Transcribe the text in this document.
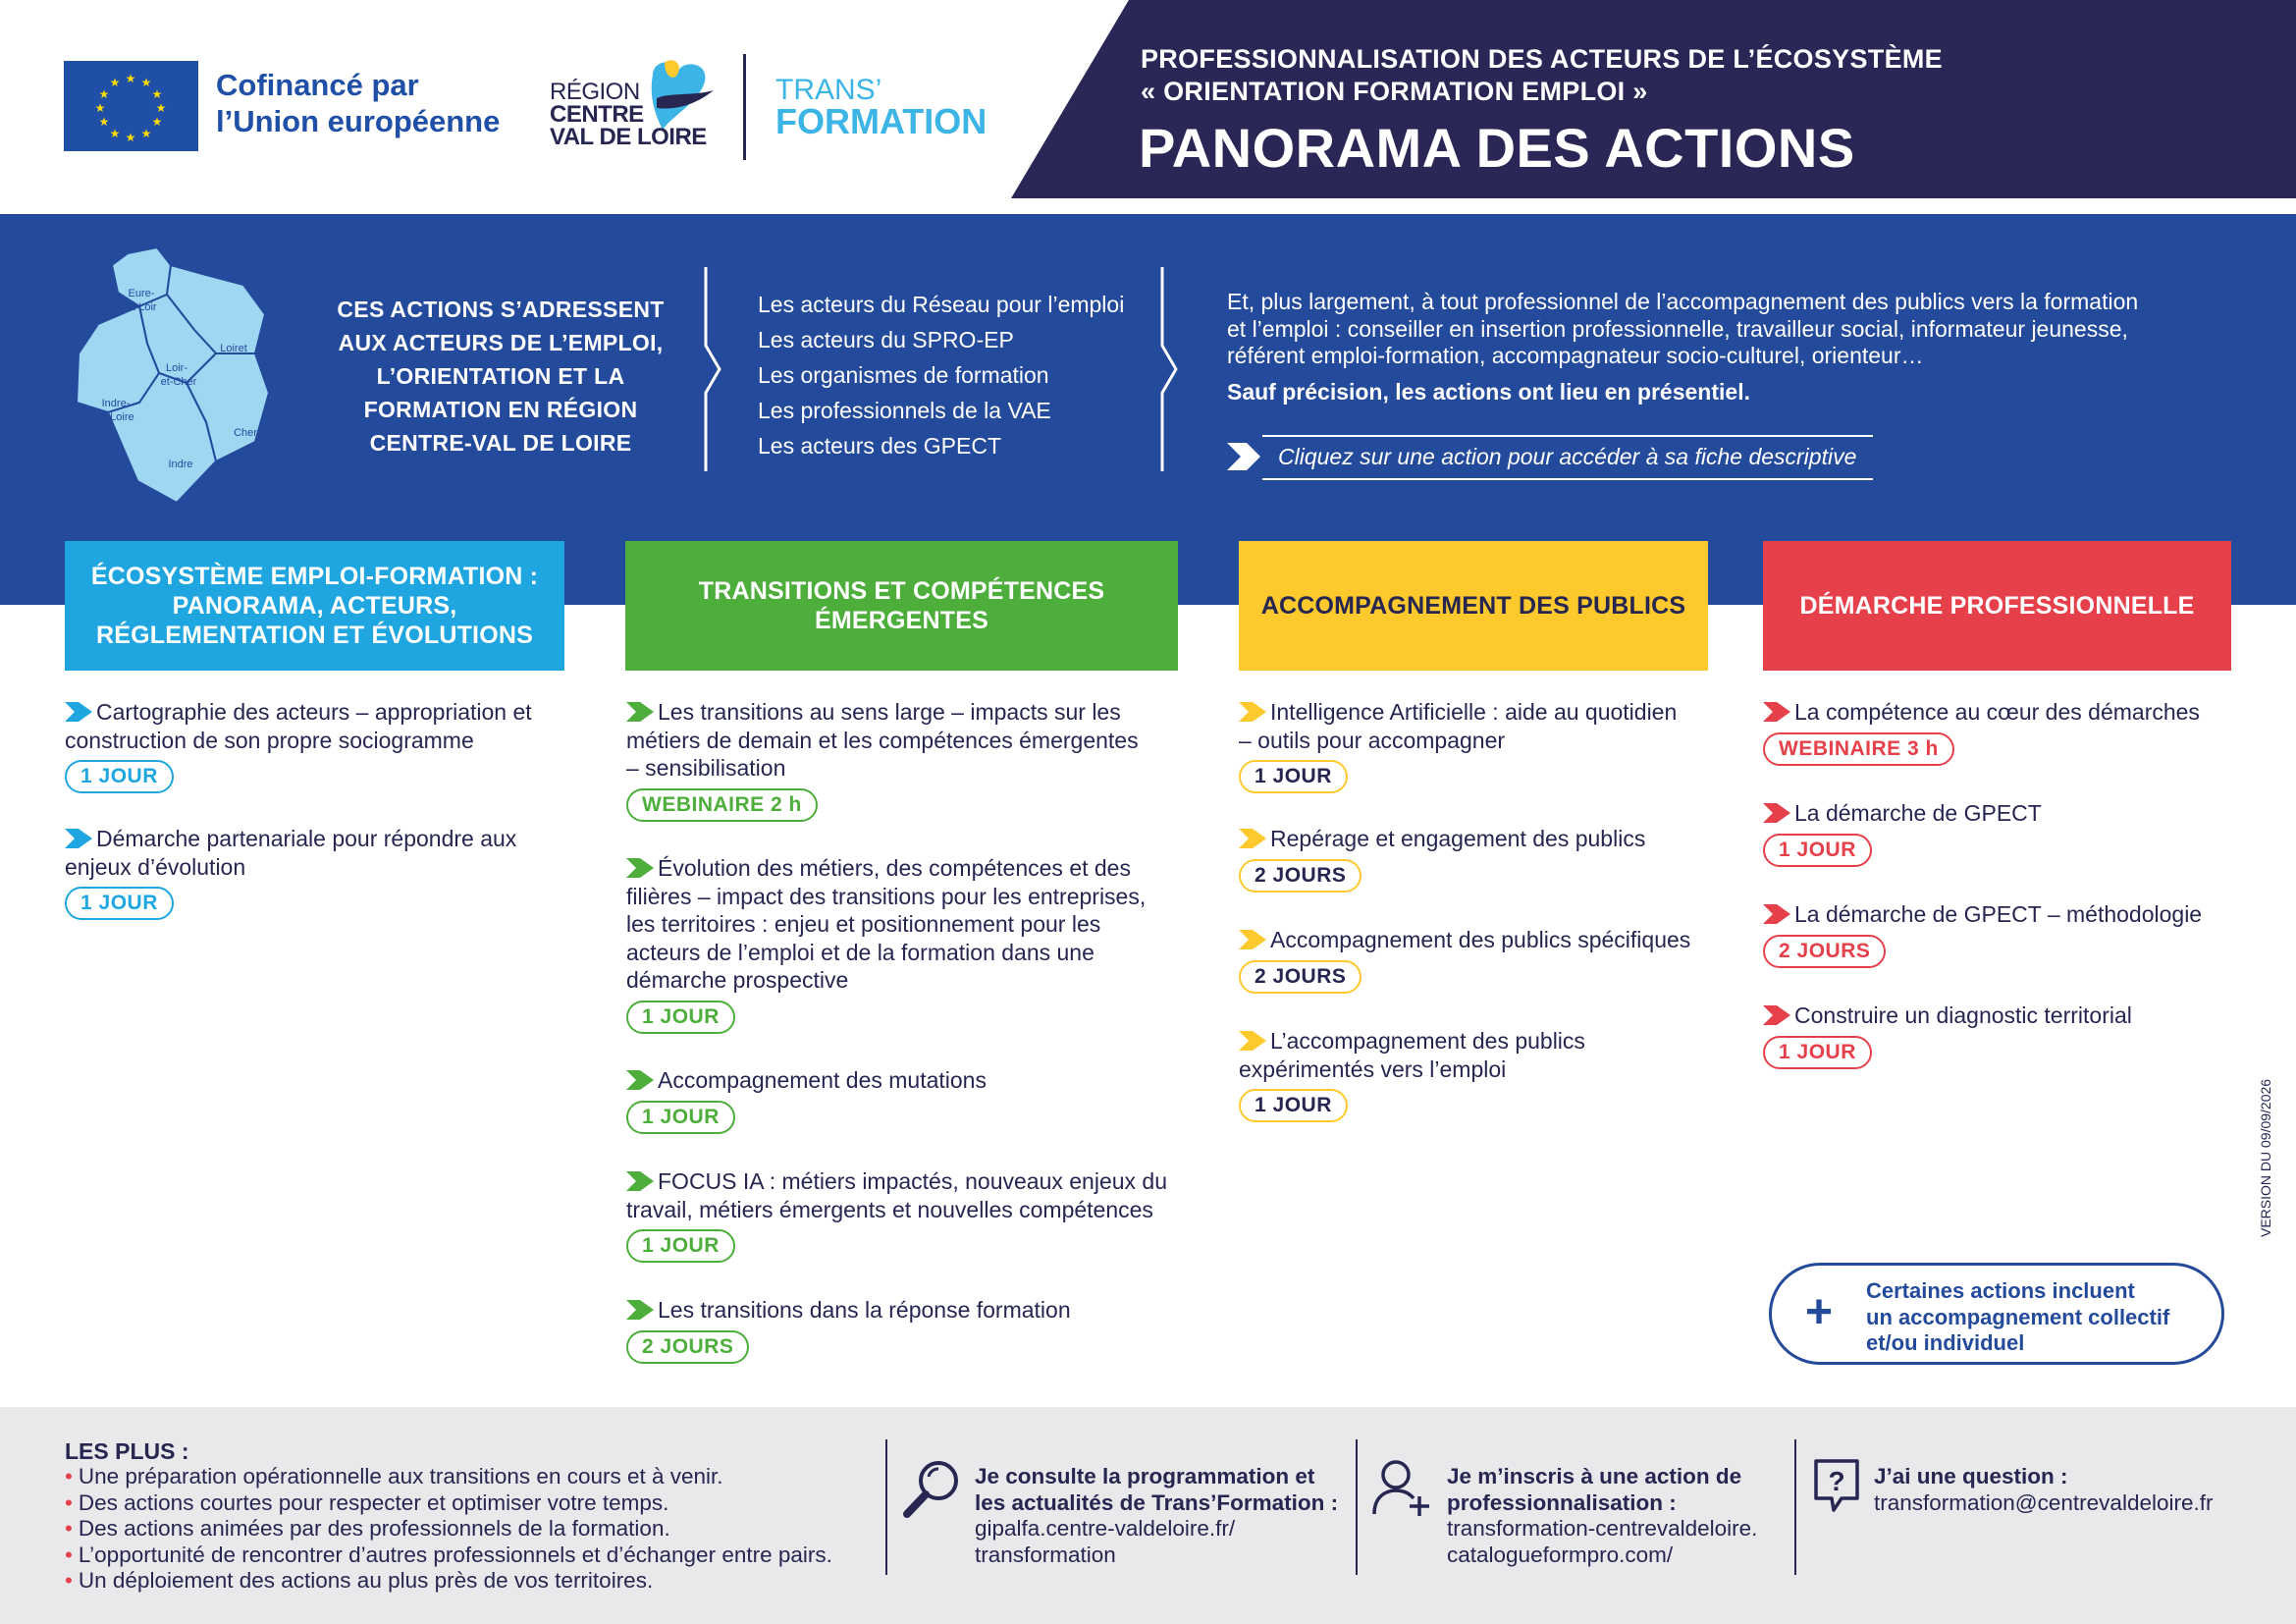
★ ★
★
★
★
★
★
★
★
★
★
★	Cofinancé par
l’Union européenne
RÉGION
CENTRE
VAL DE LOIRE
TRANS’
FORMATION
PROFESSIONNALISATION DES ACTEURS DE L’ÉCOSYSTÈME
« ORIENTATION FORMATION EMPLOI »
PANORAMA DES ACTIONS
Eure-
et-Loir
Loiret
Loir-
et-Cher
Indre-
et-Loire
Cher
Indre
CES ACTIONS S’ADRESSENT
AUX ACTEURS DE L’EMPLOI,
L’ORIENTATION ET LA
FORMATION EN RÉGION
CENTRE-VAL DE LOIRE
Les acteurs du Réseau pour l’emploi
Les acteurs du SPRO-EP
Les organismes de formation
Les professionnels de la VAE
Les acteurs des GPECT
Et, plus largement, à tout professionnel de l’accompagnement des publics vers la formation
et l’emploi : conseiller en insertion professionnelle, travailleur social, informateur jeunesse,
référent emploi-formation, accompagnateur socio-culturel, orienteur…
Sauf précision, les actions ont lieu en présentiel.
Cliquez sur une action pour accéder à sa fiche descriptive
ÉCOSYSTÈME EMPLOI-FORMATION :
PANORAMA, ACTEURS,
RÉGLEMENTATION ET ÉVOLUTIONS
TRANSITIONS ET COMPÉTENCES
ÉMERGENTES
ACCOMPAGNEMENT DES PUBLICS	DÉMARCHE PROFESSIONNELLE
Cartographie des acteurs – appropriation et
construction de son propre sociogramme
1 JOUR
Démarche partenariale pour répondre aux
enjeux d’évolution
1 JOUR
Les transitions au sens large – impacts sur les
métiers de demain et les compétences émergentes
– sensibilisation
WEBINAIRE 2 h
Évolution des métiers, des compétences et des
filières – impact des transitions pour les entreprises,
les territoires : enjeu et positionnement pour les
acteurs de l’emploi et de la formation dans une
démarche prospective
1 JOUR
Accompagnement des mutations
1 JOUR
FOCUS IA : métiers impactés, nouveaux enjeux du
travail, métiers émergents et nouvelles compétences
1 JOUR
Les transitions dans la réponse formation
2 JOURS
Intelligence Artificielle : aide au quotidien
– outils pour accompagner
1 JOUR
Repérage et engagement des publics
2 JOURS
Accompagnement des publics spécifiques
2 JOURS
L’accompagnement des publics
expérimentés vers l’emploi
1 JOUR
La compétence au cœur des démarches
WEBINAIRE 3 h
La démarche de GPECT
1 JOUR
La démarche de GPECT – méthodologie
2 JOURS
Construire un diagnostic territorial
1 JOUR
+ Certaines actions incluent
un accompagnement collectif
et/ou individuel
VERSION DU 09/09/2026
LES PLUS :
• Une préparation opérationnelle aux transitions en cours et à venir.
• Des actions courtes pour respecter et optimiser votre temps.
• Des actions animées par des professionnels de la formation.
• L’opportunité de rencontrer d’autres professionnels et d’échanger entre pairs.
• Un déploiement des actions au plus près de vos territoires.
Je consulte la programmation et
les actualités de Trans’Formation :
gipalfa.centre-valdeloire.fr/
transformation
Je m’inscris à une action de
professionnalisation :
transformation-centrevaldeloire.
catalogueformpro.com/
? J’ai une question :
transformation@centrevaldeloire.fr
